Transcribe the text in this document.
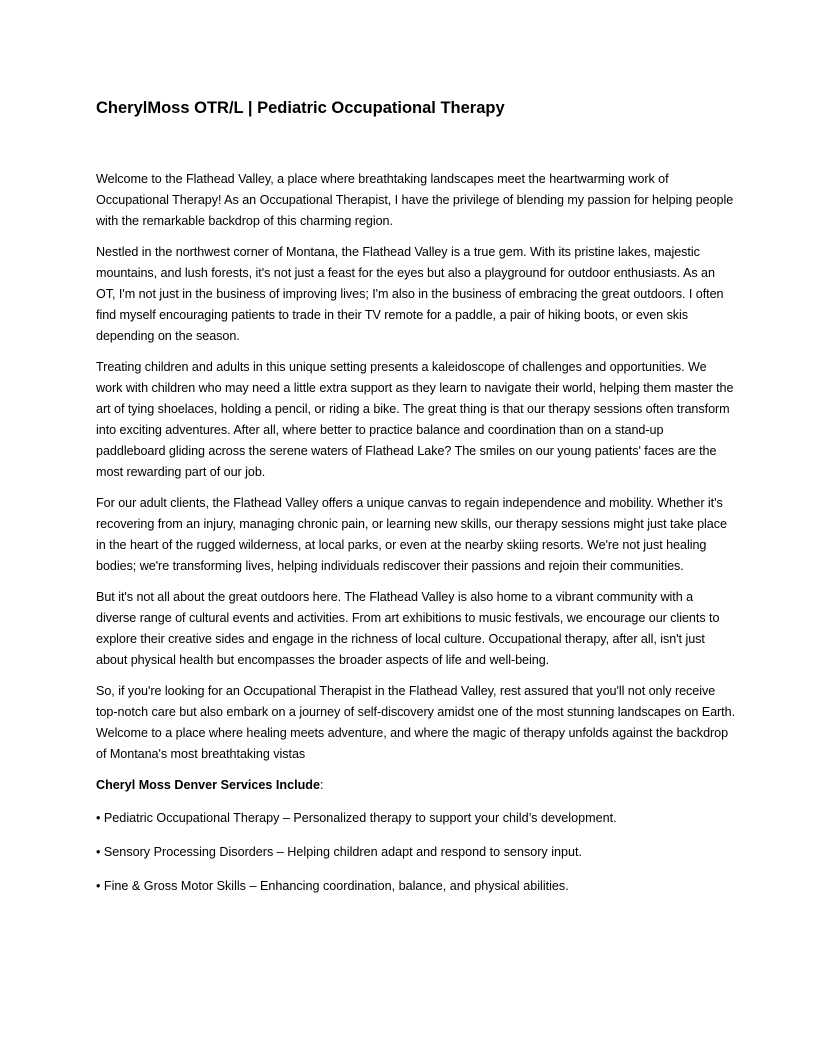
CherylMoss OTR/L | Pediatric Occupational Therapy

Welcome to the Flathead Valley, a place where breathtaking landscapes meet the heartwarming work of Occupational Therapy! As an Occupational Therapist, I have the privilege of blending my passion for helping people with the remarkable backdrop of this charming region.

Nestled in the northwest corner of Montana, the Flathead Valley is a true gem. With its pristine lakes, majestic mountains, and lush forests, it's not just a feast for the eyes but also a playground for outdoor enthusiasts. As an OT, I'm not just in the business of improving lives; I'm also in the business of embracing the great outdoors. I often find myself encouraging patients to trade in their TV remote for a paddle, a pair of hiking boots, or even skis depending on the season.

Treating children and adults in this unique setting presents a kaleidoscope of challenges and opportunities. We work with children who may need a little extra support as they learn to navigate their world, helping them master the art of tying shoelaces, holding a pencil, or riding a bike. The great thing is that our therapy sessions often transform into exciting adventures. After all, where better to practice balance and coordination than on a stand-up paddleboard gliding across the serene waters of Flathead Lake? The smiles on our young patients' faces are the most rewarding part of our job.

For our adult clients, the Flathead Valley offers a unique canvas to regain independence and mobility. Whether it's recovering from an injury, managing chronic pain, or learning new skills, our therapy sessions might just take place in the heart of the rugged wilderness, at local parks, or even at the nearby skiing resorts. We're not just healing bodies; we're transforming lives, helping individuals rediscover their passions and rejoin their communities.

But it's not all about the great outdoors here. The Flathead Valley is also home to a vibrant community with a diverse range of cultural events and activities. From art exhibitions to music festivals, we encourage our clients to explore their creative sides and engage in the richness of local culture. Occupational therapy, after all, isn't just about physical health but encompasses the broader aspects of life and well-being.

So, if you're looking for an Occupational Therapist in the Flathead Valley, rest assured that you'll not only receive top-notch care but also embark on a journey of self-discovery amidst one of the most stunning landscapes on Earth. Welcome to a place where healing meets adventure, and where the magic of therapy unfolds against the backdrop of Montana's most breathtaking vistas

Cheryl Moss Denver Services Include:

• Pediatric Occupational Therapy – Personalized therapy to support your child’s development.

• Sensory Processing Disorders – Helping children adapt and respond to sensory input.

• Fine & Gross Motor Skills – Enhancing coordination, balance, and physical abilities.
